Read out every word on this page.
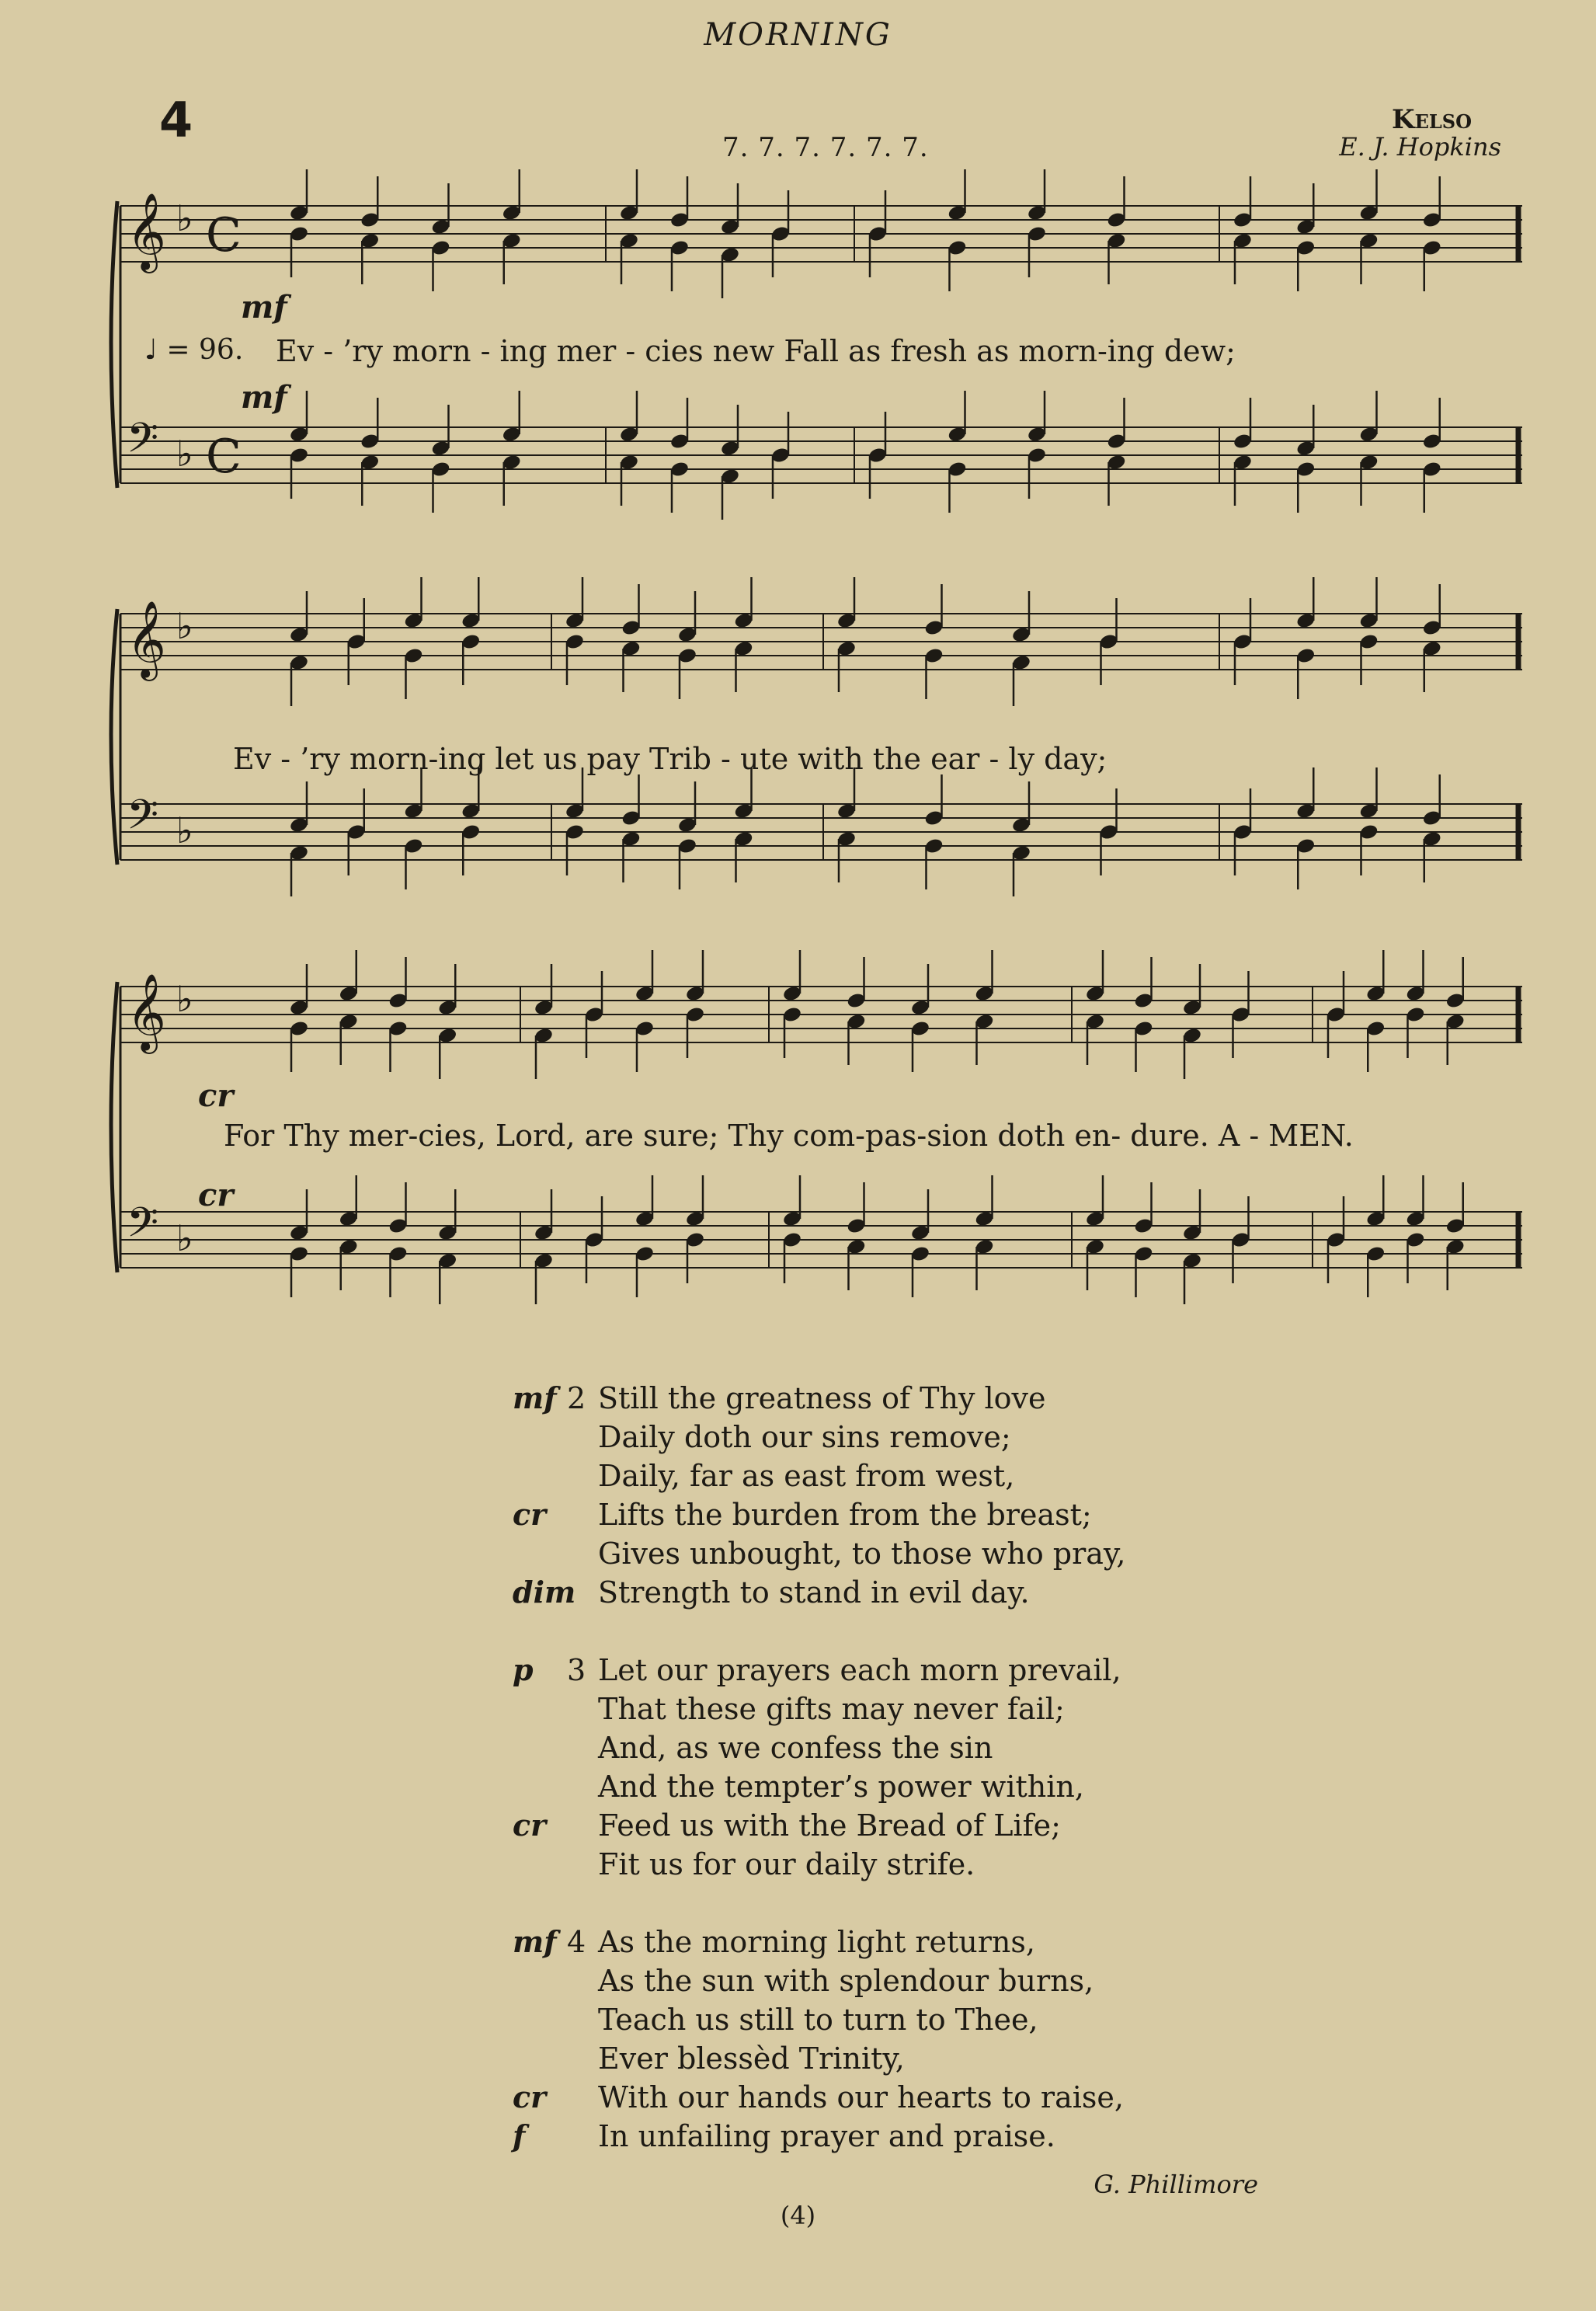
MORNING
4	7. 7. 7. 7. 7. 7.
Kelso
E. J. Hopkins
𝄞 ♭ C
𝄢 ♭ C
𝄞 ♭
𝄢 ♭
𝄞 ♭
𝄢 ♭
♩ = 96. Ev - ’ry morn - ing mer - cies new Fall as fresh as morn-ing dew;
Ev - ’ry morn-ing let us pay Trib - ute with the ear - ly day;
For Thy mer-cies, Lord, are sure; Thy com-pas-sion doth en- dure. A - MEN.
mf
mf
cr
cr
mf 2 Still the greatness of Thy love
Daily doth our sins remove;
Daily, far as east from west,
cr	Lifts the burden from the breast;
Gives unbought, to those who pray,
dim Strength to stand in evil day.
p	3 Let our prayers each morn prevail,
That these gifts may never fail;
And, as we confess the sin
And the tempter’s power within,
cr	Feed us with the Bread of Life;
Fit us for our daily strife.
mf 4 As the morning light returns,
As the sun with splendour burns,
Teach us still to turn to Thee,
Ever blessèd Trinity,
cr	With our hands our hearts to raise,
f	In unfailing prayer and praise.
G. Phillimore
(4)
